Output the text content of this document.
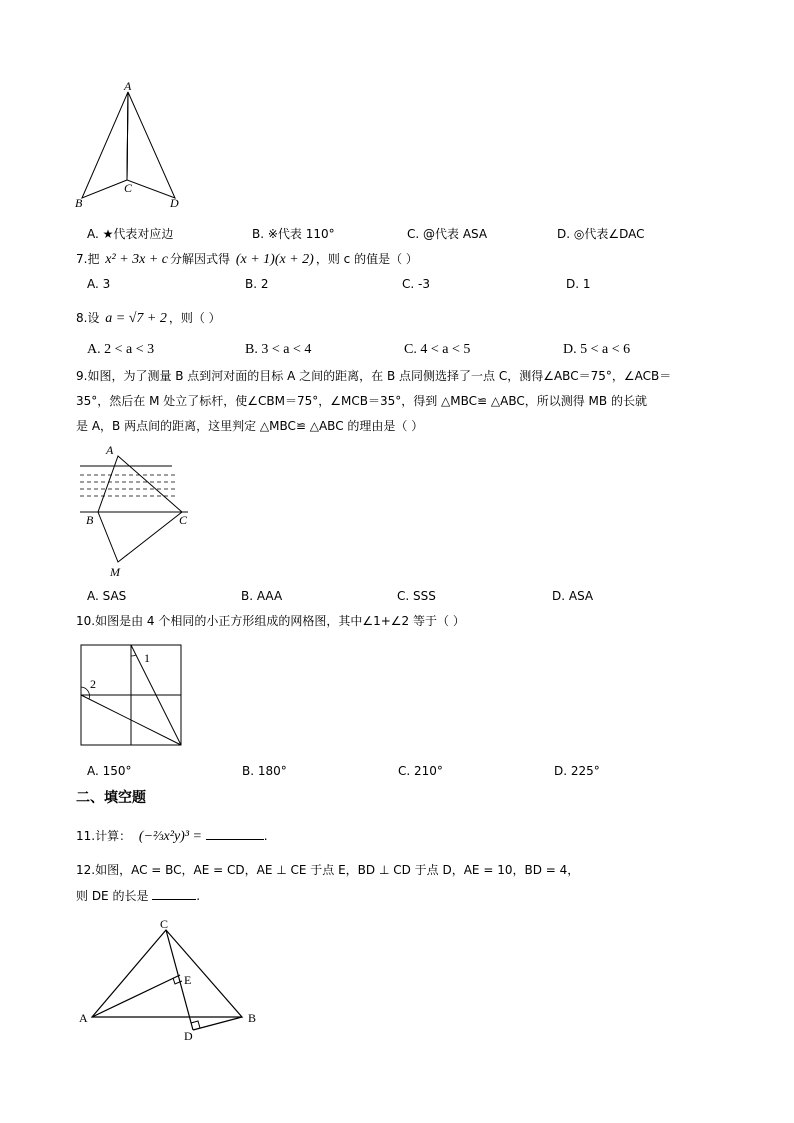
A
B
C
D
A. ★代表对应边	B. ※代表 110°	C. @代表 ASA	D. ◎代表∠DAC
7.把 x² + 3x + c 分解因式得 (x + 1)(x + 2) ，则 c 的值是（ ）
A. 3	B. 2	C. -3	D. 1
8.设 a = √7 + 2 ，则（ ）
A. 2 < a < 3	B. 3 < a < 4	C. 4 < a < 5	D. 5 < a < 6
9.如图，为了测量 B 点到河对面的目标 A 之间的距离，在 B 点同侧选择了一点 C，测得∠ABC＝75°，∠ACB＝
35°，然后在 M 处立了标杆，使∠CBM＝75°，∠MCB＝35°，得到 △MBC≌ △ABC，所以测得 MB 的长就
是 A，B 两点间的距离，这里判定 △MBC≌ △ABC 的理由是（ ）
A
B	C
M
A. SAS	B. AAA	C. SSS	D. ASA
10.如图是由 4 个相同的小正方形组成的网格图，其中∠1+∠2 等于（ ）
1
2
A. 150°	B. 180°	C. 210°	D. 225°
二、填空题
11.计算： (−⅔x²y)³ =	.
12.如图，AC = BC，AE = CD，AE ⊥ CE 于点 E，BD ⊥ CD 于点 D，AE = 10，BD = 4，
则 DE 的长是	.
C
A	B
E
D
